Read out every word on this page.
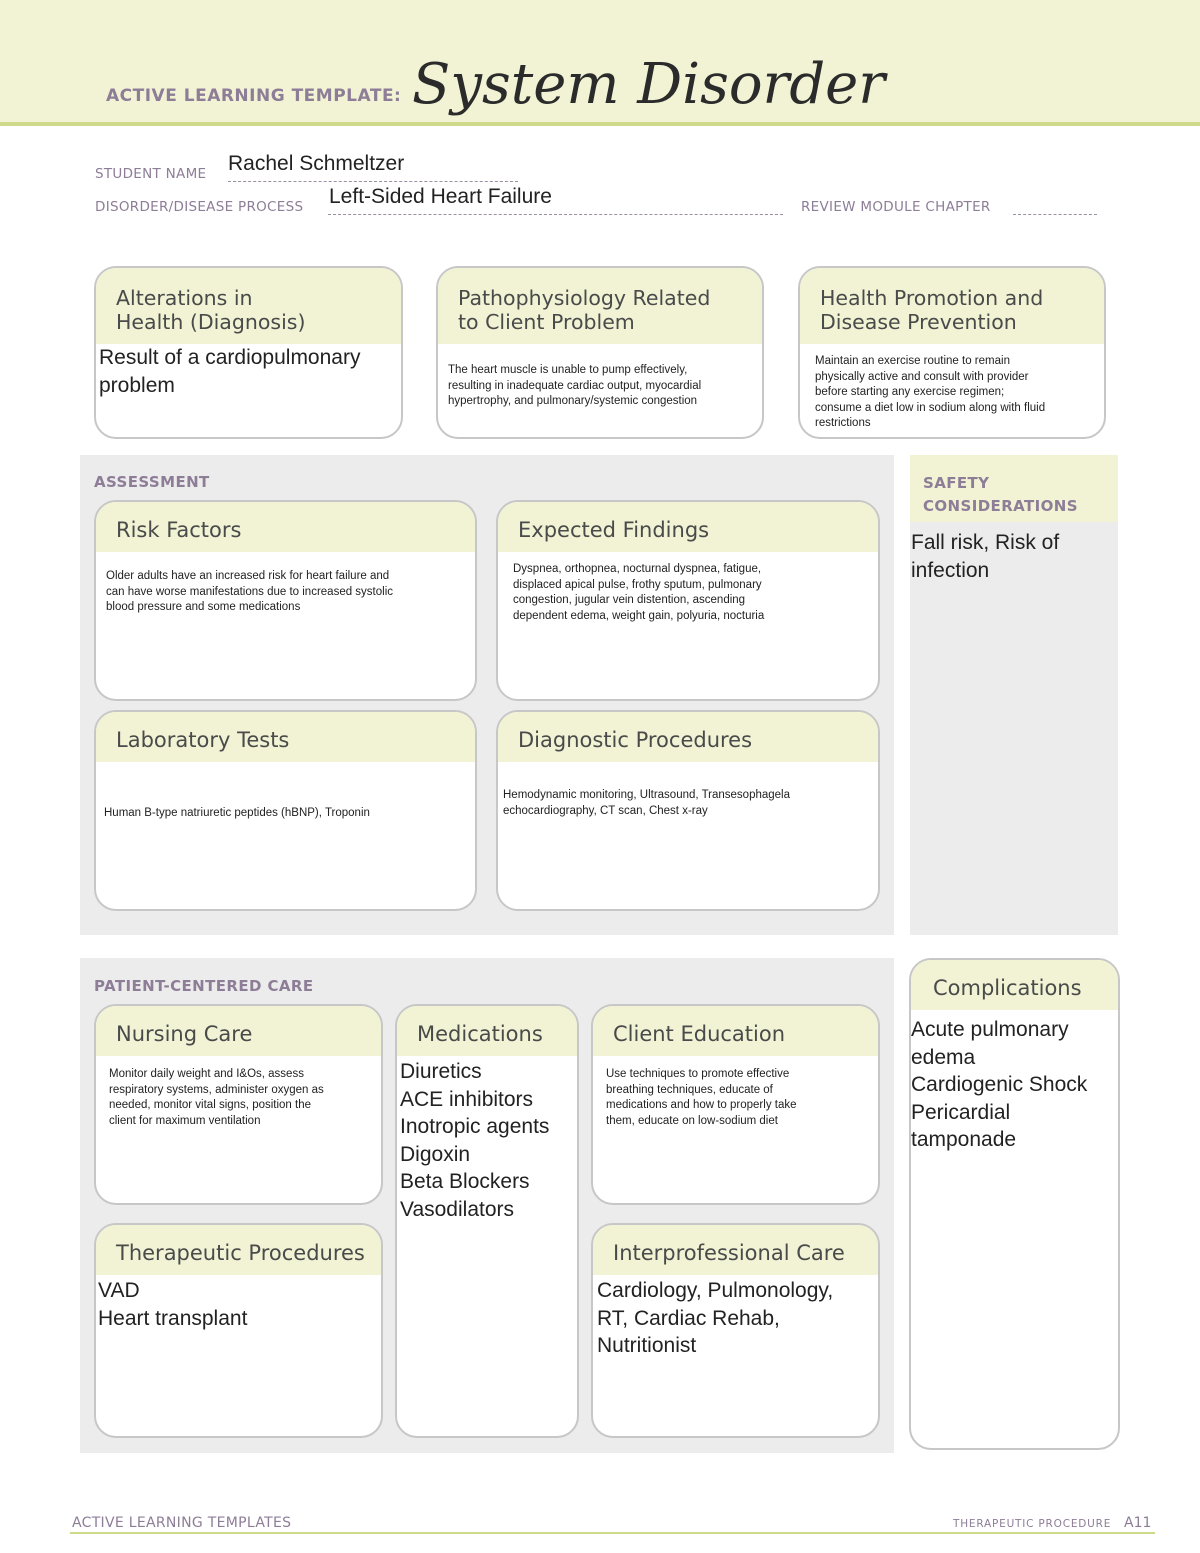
ACTIVE LEARNING TEMPLATE: System Disorder
STUDENT NAME Rachel Schmeltzer
DISORDER/DISEASE PROCESS Left-Sided Heart Failure	REVIEW MODULE CHAPTER
Alterations in
Health (Diagnosis)
Result of a cardiopulmonary
problem
Pathophysiology Related
to Client Problem
The heart muscle is unable to pump effectively,
resulting in inadequate cardiac output, myocardial
hypertrophy, and pulmonary/systemic congestion
Health Promotion and
Disease Prevention
Maintain an exercise routine to remain
physically active and consult with provider
before starting any exercise regimen;
consume a diet low in sodium along with fluid
restrictions
ASSESSMENT
Risk Factors
Older adults have an increased risk for heart failure and
can have worse manifestations due to increased systolic
blood pressure and some medications
Expected Findings
Dyspnea, orthopnea, nocturnal dyspnea, fatigue,
displaced apical pulse, frothy sputum, pulmonary
congestion, jugular vein distention, ascending
dependent edema, weight gain, polyuria, nocturia
Laboratory Tests
Human B-type natriuretic peptides (hBNP), Troponin
Diagnostic Procedures
Hemodynamic monitoring, Ultrasound, Transesophagela
echocardiography, CT scan, Chest x-ray
SAFETY
CONSIDERATIONS
Fall risk, Risk of
infection
PATIENT-CENTERED CARE
Nursing Care
Monitor daily weight and I&Os, assess
respiratory systems, administer oxygen as
needed, monitor vital signs, position the
client for maximum ventilation
Medications
Diuretics
ACE inhibitors
Inotropic agents
Digoxin
Beta Blockers
Vasodilators
Client Education
Use techniques to promote effective
breathing techniques, educate of
medications and how to properly take
them, educate on low-sodium diet
Therapeutic Procedures
VAD
Heart transplant
Interprofessional Care
Cardiology, Pulmonology,
RT, Cardiac Rehab,
Nutritionist
Complications
Acute pulmonary
edema
Cardiogenic Shock
Pericardial
tamponade
ACTIVE LEARNING TEMPLATES	THERAPEUTIC PROCEDURE A11
